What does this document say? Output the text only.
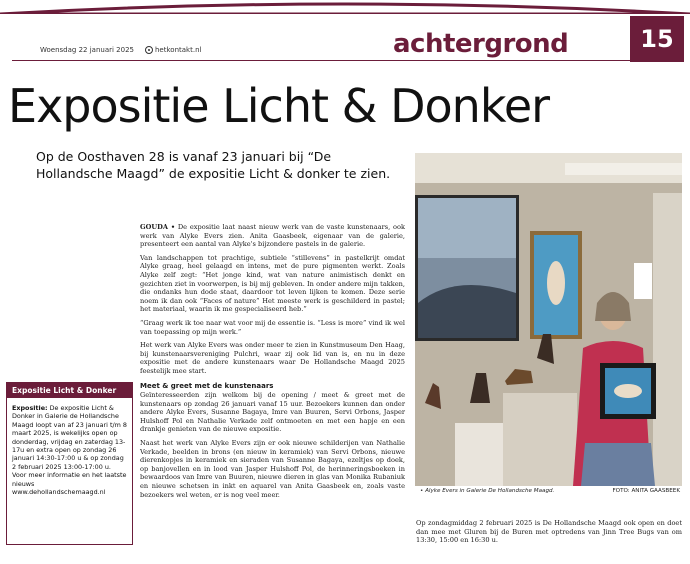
Woensdag 22 januari 2025	hetkontakt.nl	achtergrond	15
Expositie Licht & Donker
Op de Oosthaven 28 is vanaf 23 januari bij “De Hollandsche Maagd” de expositie Licht & donker te zien.
• Alyke Evers in Galerie De Hollandsche Maagd.	FOTO: ANITA GAASBEEK

GOUDA • De expositie laat naast nieuw werk van de vaste kunstenaars, ook werk van Alyke Evers zien. Anita Gaasbeek, eigenaar van de galerie, presenteert een aantal van Alyke's bijzondere pastels in de galerie.

Van landschappen tot prachtige, subtiele “stillevens” in pastelkrijt omdat Alyke graag, heel gelaagd en intens, met de pure pigmenten werkt. Zoals Alyke zelf zegt: “Het jonge kind, wat van nature animistisch denkt en gezichten ziet in voorwerpen, is bij mij gebleven. In onder andere mijn takken, die ondanks hun dode staat, daardoor tot leven lijken te komen. Deze serie noem ik dan ook “Faces of nature” Het meeste werk is geschilderd in pastel; het materiaal, waarin ik me gespecialiseerd heb.”

“Graag werk ik toe naar wat voor mij de essentie is. “Less is more” vind ik wel van toepassing op mijn werk.”

Het werk van Alyke Evers was onder meer te zien in Kunstmuseum Den Haag, bij kunstenaarsvereniging Pulchri, waar zij ook lid van is, en nu in deze expositie met de andere kunstenaars waar De Hollandsche Maagd 2025 feestelijk mee start.

Meet & greet met de kunstenaars

Geïnteresseerden zijn welkom bij de opening / meet & greet met de kunstenaars op zondag 26 januari vanaf 15 uur. Bezoekers kunnen dan onder andere Alyke Evers, Susanne Bagaya, Imre van Buuren, Servi Orbons, Jasper Hulshoff Pol en Nathalie Verkade zelf ontmoeten en met een hapje en een drankje genieten van de nieuwe expositie.

Naast het werk van Alyke Evers zijn er ook nieuwe schilderijen van Nathalie Verkade, beelden in brons (en nieuw in keramiek) van Servi Orbons, nieuwe dierenkopjes in keramiek en sieraden van Susanne Bagaya, ezeltjes op doek, op banjovellen en in lood van Jasper Hulshoff Pol, de herinneringsboeken in bewaardoos van Imre van Buuren, nieuwe dieren in glas van Monika Rubaniuk en nieuwe schetsen in inkt en aquarel van Anita Gaasbeek en, zoals vaste bezoekers wel weten, er is nog veel meer.

Op zondagmiddag 2 februari 2025 is De Hollandsche Maagd ook open en doet dan mee met Gluren bij de Buren met optredens van Jinn Tree Bugs van om 13:30, 15:00 en 16:30 u.
Expositie Licht & Donker
Expositie: De expositie Licht & Donker in Galerie de Hollandsche Maagd loopt van af 23 januari t/m 8 maart 2025, is wekelijks open op donderdag, vrijdag en zaterdag 13-17u en extra open op zondag 26 januari 14:30-17:00 u & op zondag 2 februari 2025 13:00-17:00 u. Voor meer informatie en het laatste nieuws www.dehollandschemaagd.nl
